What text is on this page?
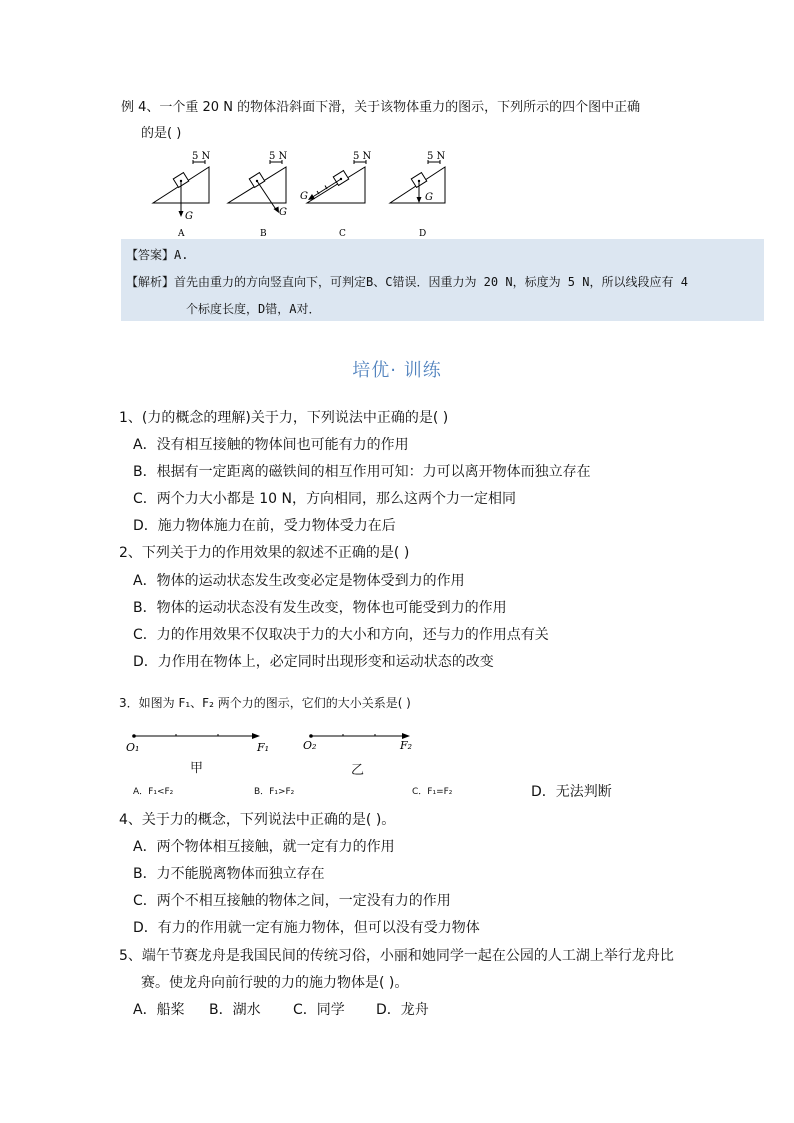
例 4、一个重 20 N 的物体沿斜面下滑，关于该物体重力的图示，下列所示的四个图中正确
的是( )
5 N
G
A
5 N
G
B
5 N
G
C
5 N
G
D
【答案】A.
【解析】首先由重力的方向竖直向下，可判定B、C错误．因重力为 20 N，标度为 5 N，所以线段应有 4
个标度长度，D错，A对．
培优· 训练
1、(力的概念的理解)关于力，下列说法中正确的是( )
A．没有相互接触的物体间也可能有力的作用
B．根据有一定距离的磁铁间的相互作用可知：力可以离开物体而独立存在
C．两个力大小都是 10 N，方向相同，那么这两个力一定相同
D．施力物体施力在前，受力物体受力在后
2、下列关于力的作用效果的叙述不正确的是( )
A．物体的运动状态发生改变必定是物体受到力的作用
B．物体的运动状态没有发生改变，物体也可能受到力的作用
C．力的作用效果不仅取决于力的大小和方向，还与力的作用点有关
D．力作用在物体上，必定同时出现形变和运动状态的改变
3．如图为 F₁、F₂ 两个力的图示，它们的大小关系是( )
O₁	F₁	O₂	F₂
甲	乙
A．F₁<F₂	B．F₁>F₂	C．F₁=F₂	D．无法判断
4、关于力的概念，下列说法中正确的是( )。
A．两个物体相互接触，就一定有力的作用
B．力不能脱离物体而独立存在
C．两个不相互接触的物体之间，一定没有力的作用
D．有力的作用就一定有施力物体，但可以没有受力物体
5、端午节赛龙舟是我国民间的传统习俗，小丽和她同学一起在公园的人工湖上举行龙舟比
赛。使龙舟向前行驶的力的施力物体是( )。
A．船桨 B．湖水 C．同学 D．龙舟
